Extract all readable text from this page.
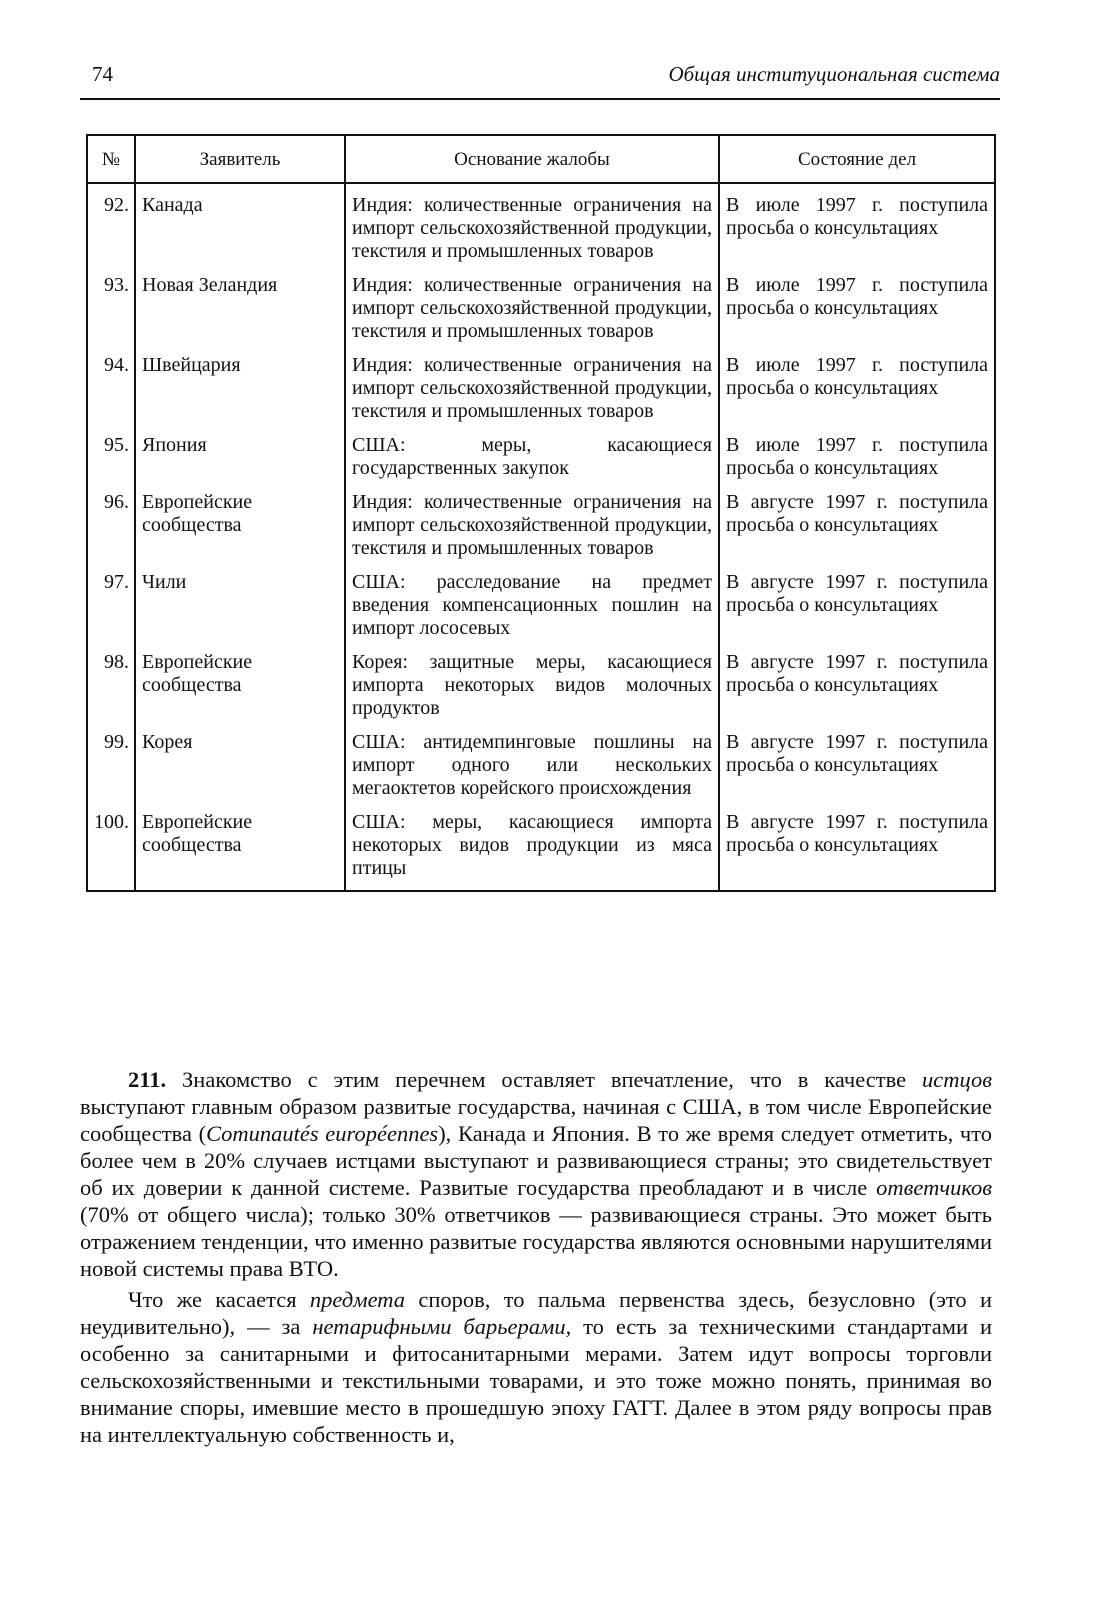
74	Общая институциональная система
№	Заявитель	Основание жалобы	Состояние дел
92.	Канада	Индия: количественные ограничения на импорт сельскохозяйственной продукции, текстиля и промышленных товаров	В июле 1997 г. поступила просьба о консультациях
93.	Новая Зеландия	Индия: количественные ограничения на импорт сельскохозяйственной продукции, текстиля и промышленных товаров	В июле 1997 г. поступила просьба о консультациях
94.	Швейцария	Индия: количественные ограничения на импорт сельскохозяйственной продукции, текстиля и промышленных товаров	В июле 1997 г. поступила просьба о консультациях
95.	Япония	США: меры, касающиеся государственных закупок	В июле 1997 г. поступила просьба о консультациях
96.	Европейские сообщества	Индия: количественные ограничения на импорт сельскохозяйственной продукции, текстиля и промышленных товаров	В августе 1997 г. поступила просьба о консультациях
97.	Чили	США: расследование на предмет введения компенсационных пошлин на импорт лососевых	В августе 1997 г. поступила просьба о консультациях
98.	Европейские сообщества	Корея: защитные меры, касающиеся импорта некоторых видов молочных продуктов	В августе 1997 г. поступила просьба о консультациях
99.	Корея	США: антидемпинговые пошлины на импорт одного или нескольких мегаоктетов корейского происхождения	В августе 1997 г. поступила просьба о консультациях
100.	Европейские сообщества	США: меры, касающиеся импорта некоторых видов продукции из мяса птицы	В августе 1997 г. поступила просьба о консультациях

211. Знакомство с этим перечнем оставляет впечатление, что в качестве истцов выступают главным образом развитые государства, начиная с США, в том числе Европейские сообщества (Comunautés européennes), Канада и Япония. В то же время следует отметить, что более чем в 20% случаев истцами выступают и развивающиеся страны; это свидетельствует об их доверии к данной системе. Развитые государства преобладают и в числе ответчиков (70% от общего числа); только 30% ответчиков — развивающиеся страны. Это может быть отражением тенденции, что именно развитые государства являются основными нарушителями новой системы права ВТО.

Что же касается предмета споров, то пальма первенства здесь, безусловно (это и неудивительно), — за нетарифными барьерами, то есть за техническими стандартами и особенно за санитарными и фитосанитарными мерами. Затем идут вопросы торговли сельскохозяйственными и текстильными товарами, и это тоже можно понять, принимая во внимание споры, имевшие место в прошедшую эпоху ГАТТ. Далее в этом ряду вопросы прав на интеллектуальную собственность и,
